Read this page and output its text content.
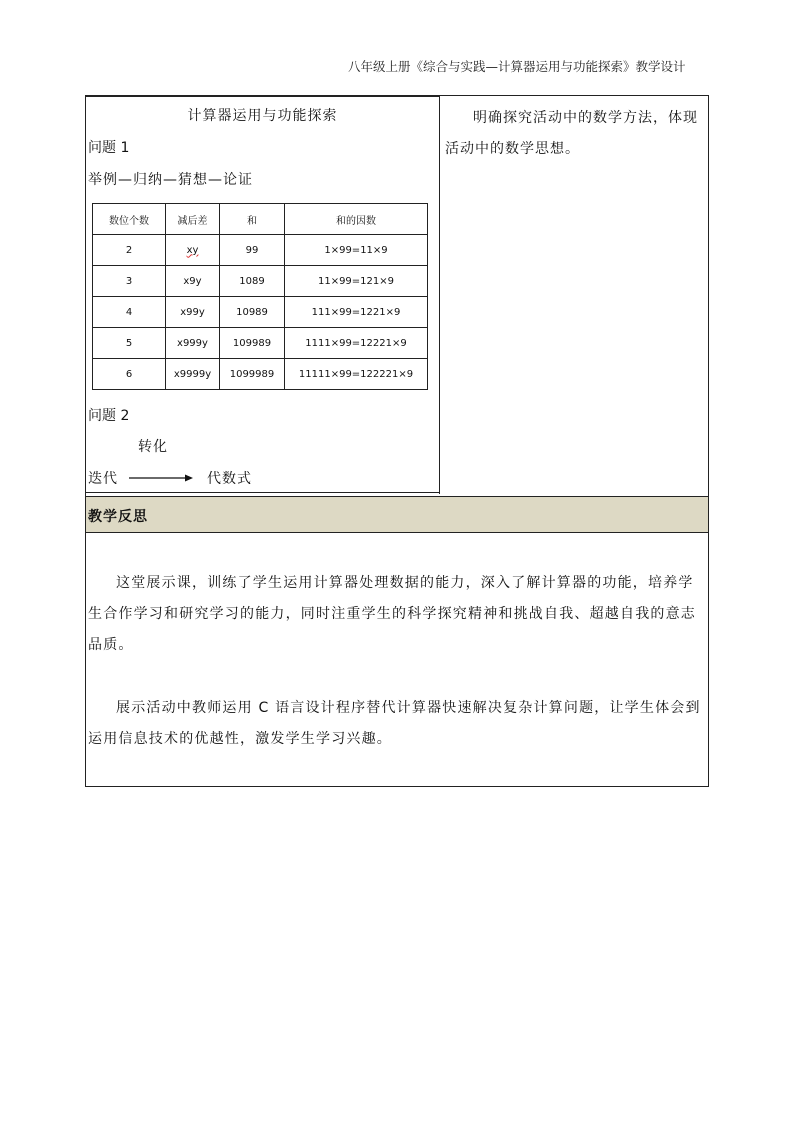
八年级上册《综合与实践—计算器运用与功能探索》教学设计
计算器运用与功能探索
问题 1
举例—归纳—猜想—论证
数位个数	减后差	和	和的因数
2	xy	99	1×99=11×9
3	x9y	1089	11×99=121×9
4	x99y	10989	111×99=1221×9
5	x999y	109989	1111×99=12221×9
6	x9999y	1099989	11111×99=122221×9
问题 2
转化
迭代	代数式
明确探究活动中的数学方法，体现活动中的数学思想。
教学反思
这堂展示课，训练了学生运用计算器处理数据的能力，深入了解计算器的功能，培养学生合作学习和研究学习的能力，同时注重学生的科学探究精神和挑战自我、超越自我的意志品质。
展示活动中教师运用 C 语言设计程序替代计算器快速解决复杂计算问题，让学生体会到运用信息技术的优越性，激发学生学习兴趣。
